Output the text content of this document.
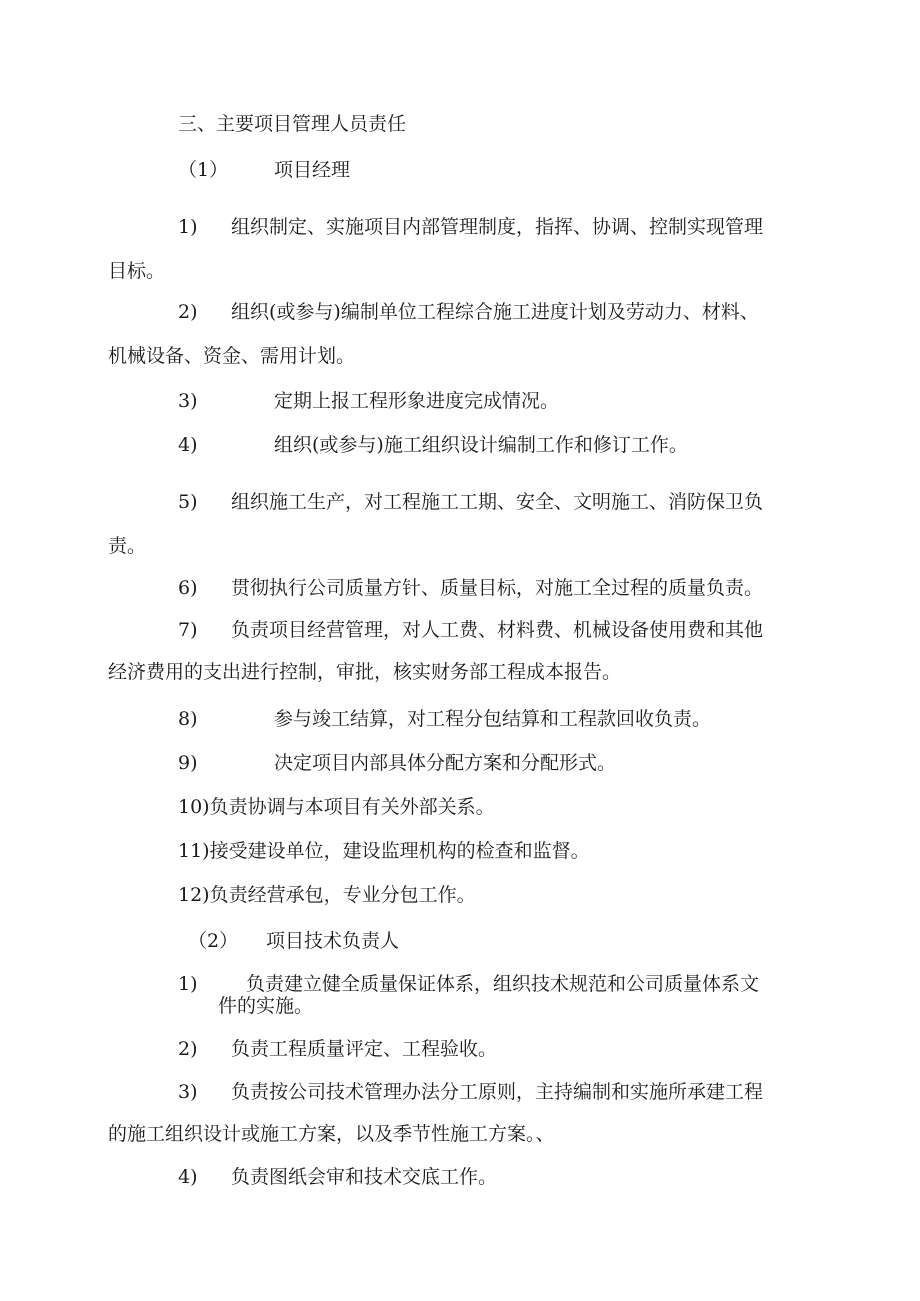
三、主要项目管理人员责任
（1） 项目经理
1) 组织制定、实施项目内部管理制度，指挥、协调、控制实现管理
目标。
2) 组织(或参与)编制单位工程综合施工进度计划及劳动力、材料、
机械设备、资金、需用计划。
3)	定期上报工程形象进度完成情况。
4)	组织(或参与)施工组织设计编制工作和修订工作。
5) 组织施工生产，对工程施工工期、安全、文明施工、消防保卫负
责。
6) 贯彻执行公司质量方针、质量目标，对施工全过程的质量负责。
7) 负责项目经营管理，对人工费、材料费、机械设备使用费和其他
经济费用的支出进行控制，审批，核实财务部工程成本报告。
8)	参与竣工结算，对工程分包结算和工程款回收负责。
9)	决定项目内部具体分配方案和分配形式。
10)负责协调与本项目有关外部关系。
11)接受建设单位，建设监理机构的检查和监督。
12)负责经营承包，专业分包工作。
（2） 项目技术负责人
1)	负责建立健全质量保证体系，组织技术规范和公司质量体系文
件的实施。
2) 负责工程质量评定、工程验收。
3) 负责按公司技术管理办法分工原则，主持编制和实施所承建工程
的施工组织设计或施工方案，以及季节性施工方案。、
4) 负责图纸会审和技术交底工作。
